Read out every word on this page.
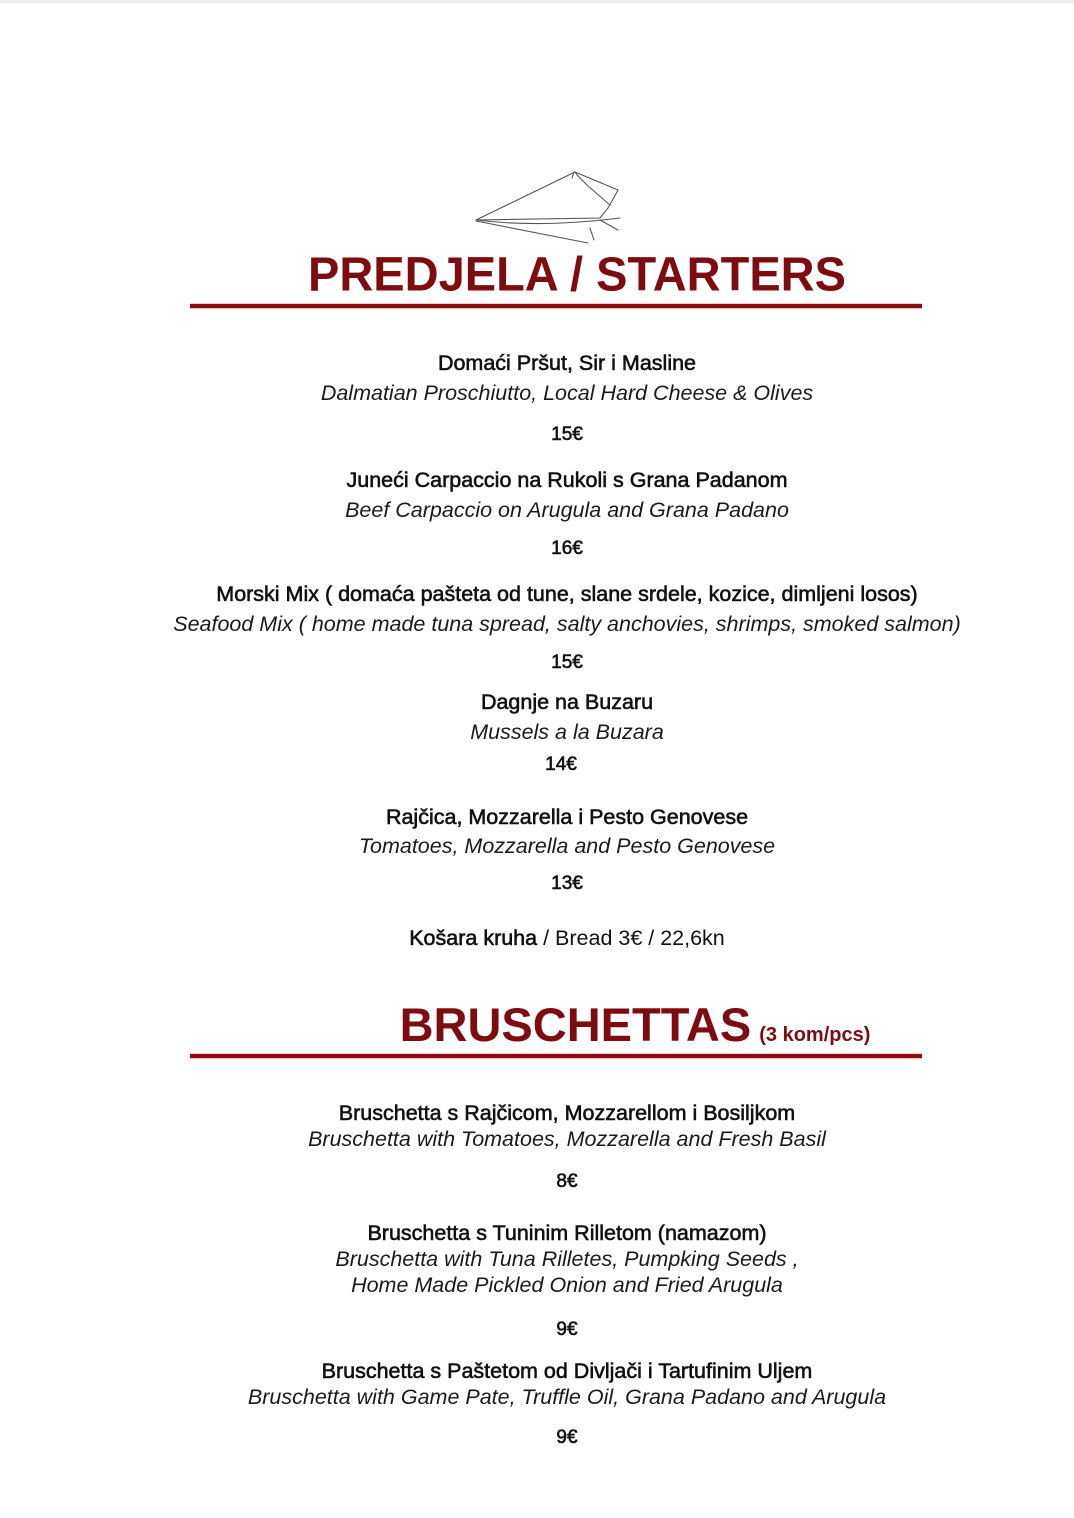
PREDJELA / STARTERS
Domaći Pršut, Sir i Masline
Dalmatian Proschiutto, Local Hard Cheese & Olives
15€
Juneći Carpaccio na Rukoli s Grana Padanom
Beef Carpaccio on Arugula and Grana Padano
16€
Morski Mix ( domaća pašteta od tune, slane srdele, kozice, dimljeni losos)
Seafood Mix ( home made tuna spread, salty anchovies, shrimps, smoked salmon)
15€
Dagnje na Buzaru
Mussels a la Buzara
14€
Rajčica, Mozzarella i Pesto Genovese
Tomatoes, Mozzarella and Pesto Genovese
13€
Košara kruha / Bread 3€ / 22,6kn
BRUSCHETTAS (3 kom/pcs)
Bruschetta s Rajčicom, Mozzarellom i Bosiljkom
Bruschetta with Tomatoes, Mozzarella and Fresh Basil
8€
Bruschetta s Tuninim Rilletom (namazom)
Bruschetta with Tuna Rilletes, Pumpking Seeds ,
Home Made Pickled Onion and Fried Arugula
9€
Bruschetta s Paštetom od Divljači i Tartufinim Uljem
Bruschetta with Game Pate, Truffle Oil, Grana Padano and Arugula
9€
